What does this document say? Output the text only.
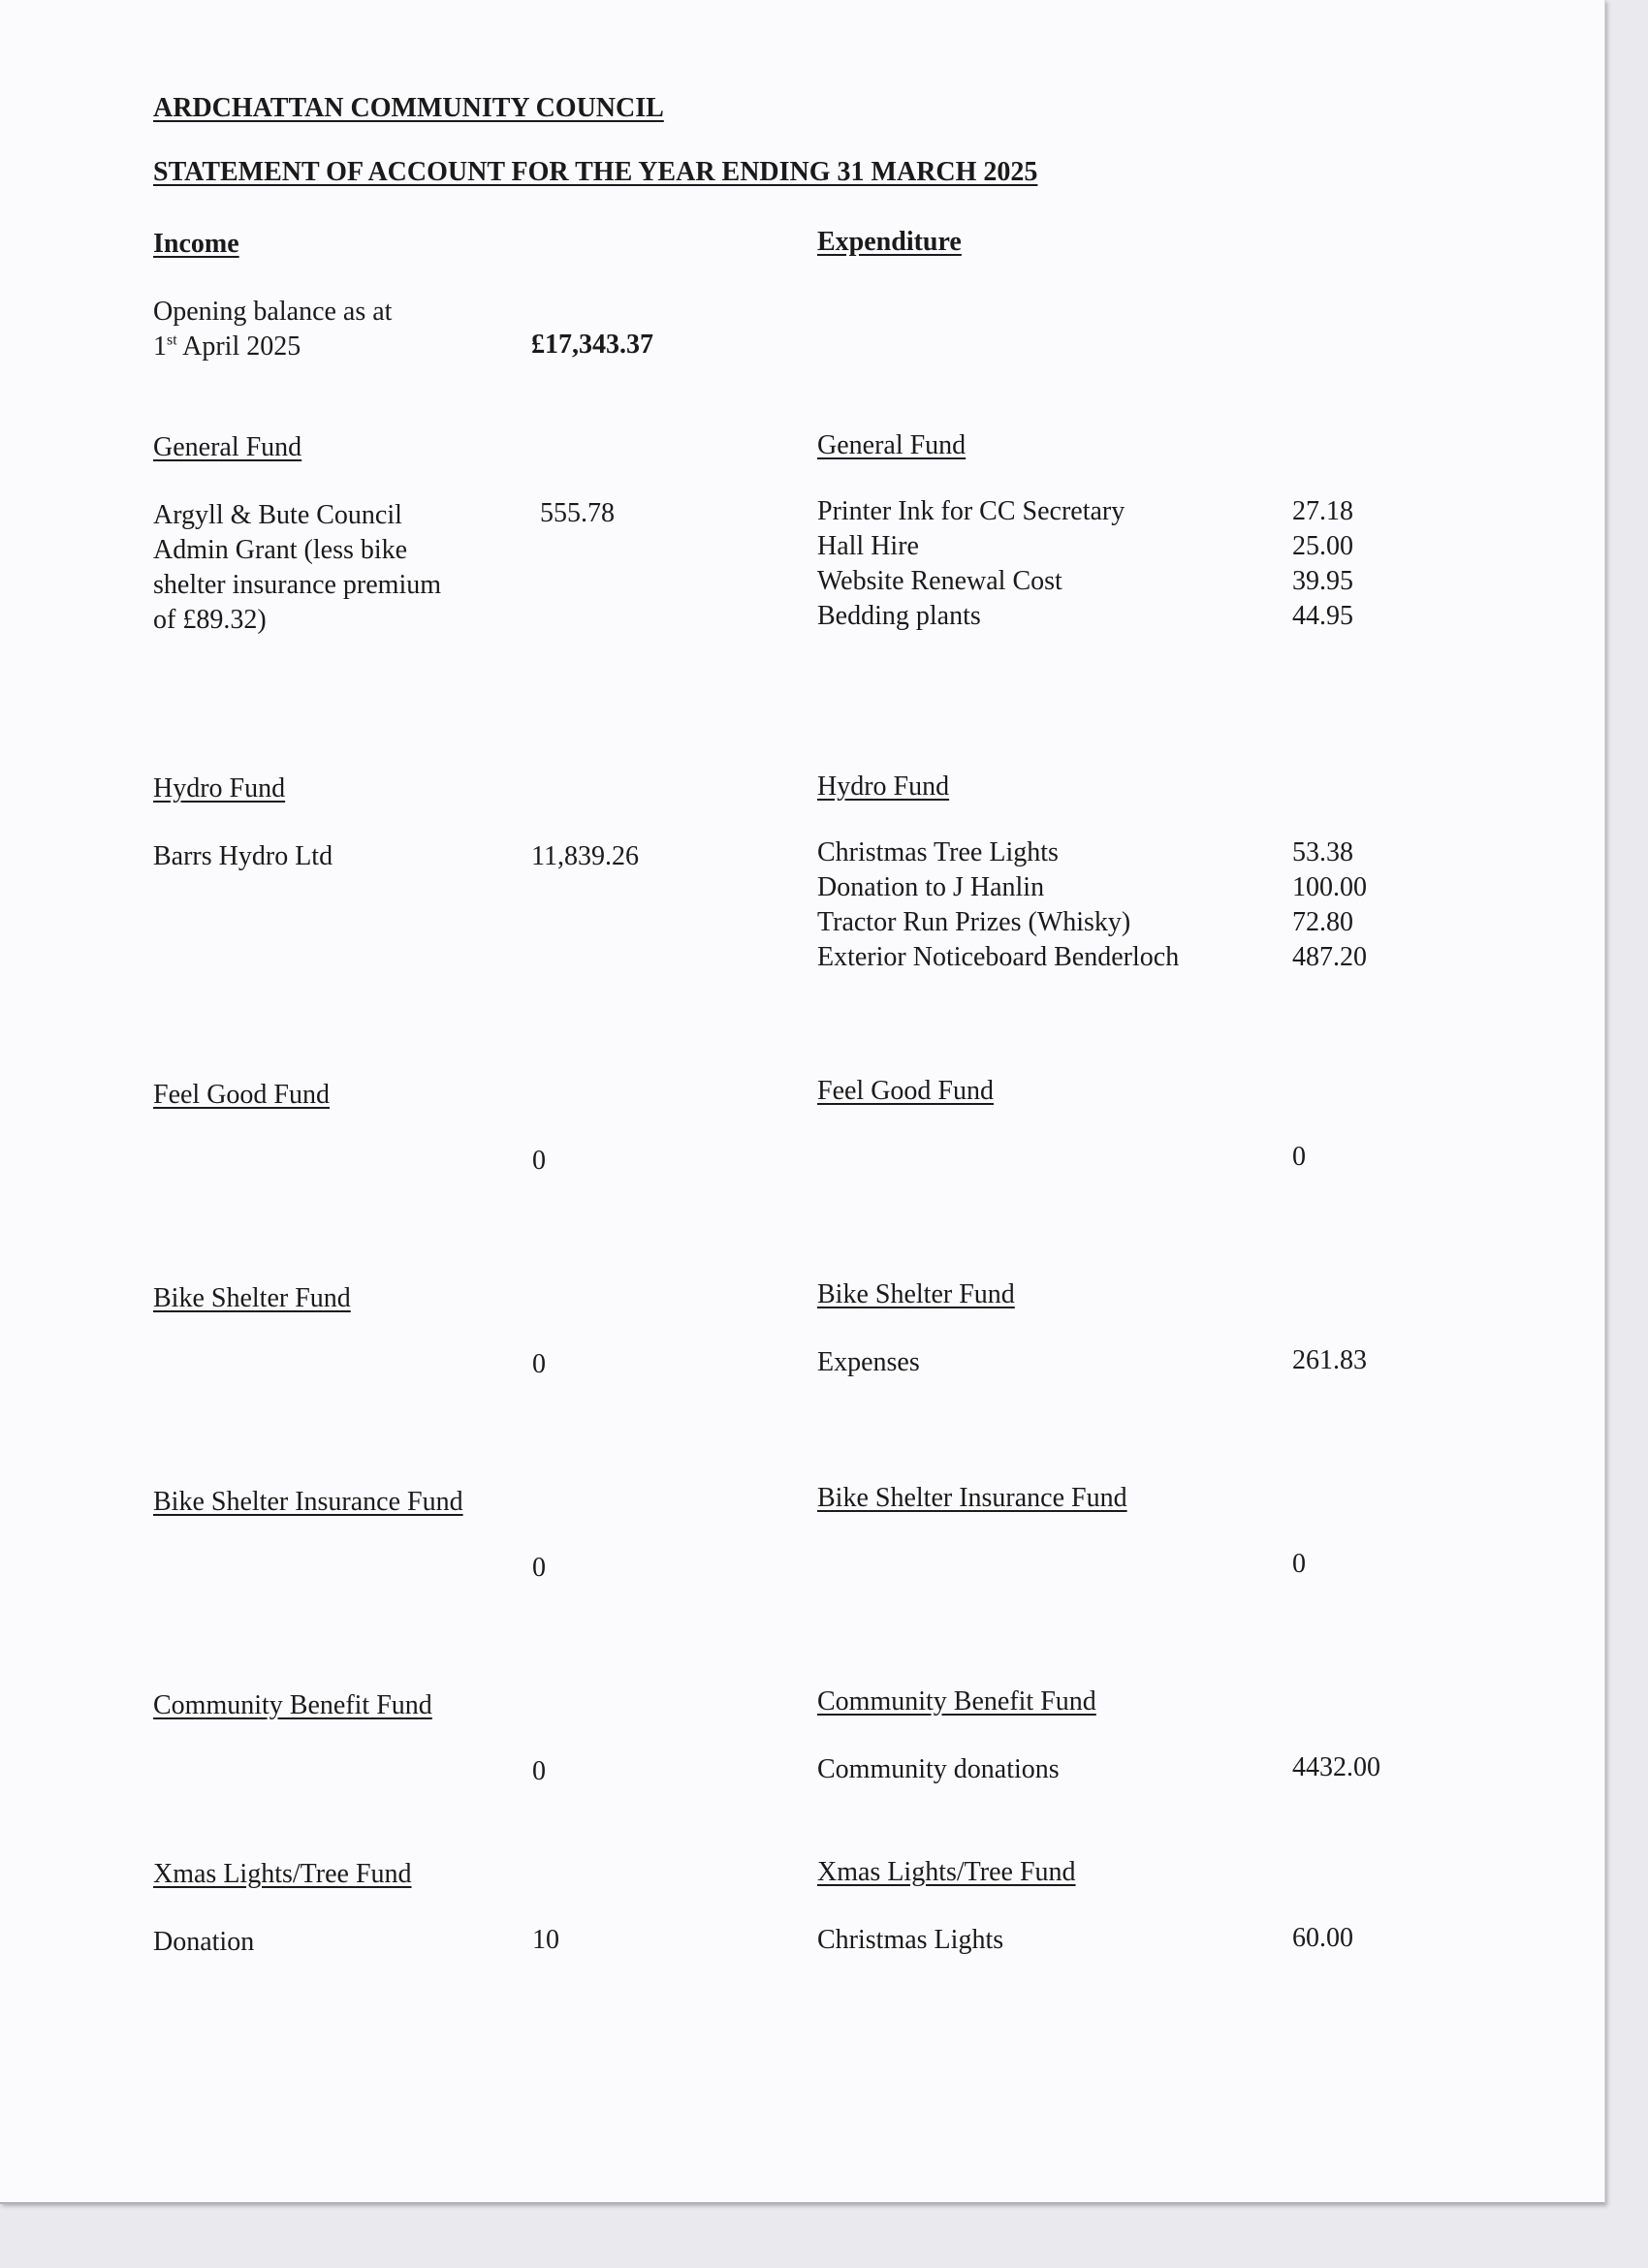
ARDCHATTAN COMMUNITY COUNCIL
STATEMENT OF ACCOUNT FOR THE YEAR ENDING 31 MARCH 2025
Income	Expenditure
Opening balance as at
1st April 2025	£17,343.37
General Fund
Argyll & Bute Council
Admin Grant (less bike
shelter insurance premium
of £89.32)
555.78
General Fund
Printer Ink for CC Secretary	27.18
Hall Hire	25.00
Website Renewal Cost	39.95
Bedding plants	44.95
Hydro Fund
Barrs Hydro Ltd	11,839.26
Hydro Fund
Christmas Tree Lights	53.38
Donation to J Hanlin	100.00
Tractor Run Prizes (Whisky)	72.80
Exterior Noticeboard Benderloch	487.20
Feel Good Fund
0
Feel Good Fund
0
Bike Shelter Fund
0
Bike Shelter Fund
Expenses	261.83
Bike Shelter Insurance Fund
0
Bike Shelter Insurance Fund
0
Community Benefit Fund
0
Community Benefit Fund
Community donations	4432.00
Xmas Lights/Tree Fund
Donation	10
Xmas Lights/Tree Fund
Christmas Lights	60.00
